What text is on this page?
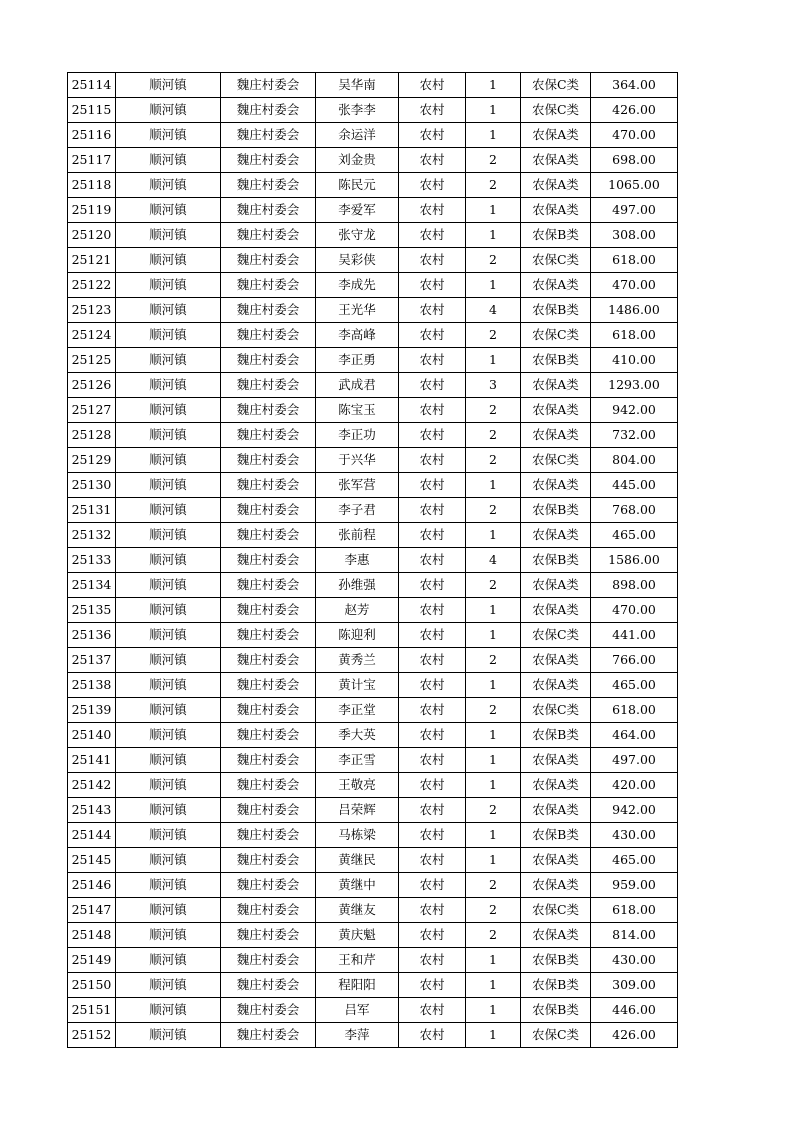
25114	顺河镇	魏庄村委会	吴华南	农村	1	农保C类	364.00
25115	顺河镇	魏庄村委会	张李李	农村	1	农保C类	426.00
25116	顺河镇	魏庄村委会	余运洋	农村	1	农保A类	470.00
25117	顺河镇	魏庄村委会	刘金贵	农村	2	农保A类	698.00
25118	顺河镇	魏庄村委会	陈民元	农村	2	农保A类	1065.00
25119	顺河镇	魏庄村委会	李爱军	农村	1	农保A类	497.00
25120	顺河镇	魏庄村委会	张守龙	农村	1	农保B类	308.00
25121	顺河镇	魏庄村委会	吴彩侠	农村	2	农保C类	618.00
25122	顺河镇	魏庄村委会	李成先	农村	1	农保A类	470.00
25123	顺河镇	魏庄村委会	王光华	农村	4	农保B类	1486.00
25124	顺河镇	魏庄村委会	李高峰	农村	2	农保C类	618.00
25125	顺河镇	魏庄村委会	李正勇	农村	1	农保B类	410.00
25126	顺河镇	魏庄村委会	武成君	农村	3	农保A类	1293.00
25127	顺河镇	魏庄村委会	陈宝玉	农村	2	农保A类	942.00
25128	顺河镇	魏庄村委会	李正功	农村	2	农保A类	732.00
25129	顺河镇	魏庄村委会	于兴华	农村	2	农保C类	804.00
25130	顺河镇	魏庄村委会	张军营	农村	1	农保A类	445.00
25131	顺河镇	魏庄村委会	李子君	农村	2	农保B类	768.00
25132	顺河镇	魏庄村委会	张前程	农村	1	农保A类	465.00
25133	顺河镇	魏庄村委会	李惠	农村	4	农保B类	1586.00
25134	顺河镇	魏庄村委会	孙维强	农村	2	农保A类	898.00
25135	顺河镇	魏庄村委会	赵芳	农村	1	农保A类	470.00
25136	顺河镇	魏庄村委会	陈迎利	农村	1	农保C类	441.00
25137	顺河镇	魏庄村委会	黄秀兰	农村	2	农保A类	766.00
25138	顺河镇	魏庄村委会	黄计宝	农村	1	农保A类	465.00
25139	顺河镇	魏庄村委会	李正堂	农村	2	农保C类	618.00
25140	顺河镇	魏庄村委会	季大英	农村	1	农保B类	464.00
25141	顺河镇	魏庄村委会	李正雪	农村	1	农保A类	497.00
25142	顺河镇	魏庄村委会	王敬亮	农村	1	农保A类	420.00
25143	顺河镇	魏庄村委会	吕荣辉	农村	2	农保A类	942.00
25144	顺河镇	魏庄村委会	马栋梁	农村	1	农保B类	430.00
25145	顺河镇	魏庄村委会	黄继民	农村	1	农保A类	465.00
25146	顺河镇	魏庄村委会	黄继中	农村	2	农保A类	959.00
25147	顺河镇	魏庄村委会	黄继友	农村	2	农保C类	618.00
25148	顺河镇	魏庄村委会	黄庆魁	农村	2	农保A类	814.00
25149	顺河镇	魏庄村委会	王和芹	农村	1	农保B类	430.00
25150	顺河镇	魏庄村委会	程阳阳	农村	1	农保B类	309.00
25151	顺河镇	魏庄村委会	吕军	农村	1	农保B类	446.00
25152	顺河镇	魏庄村委会	李萍	农村	1	农保C类	426.00
